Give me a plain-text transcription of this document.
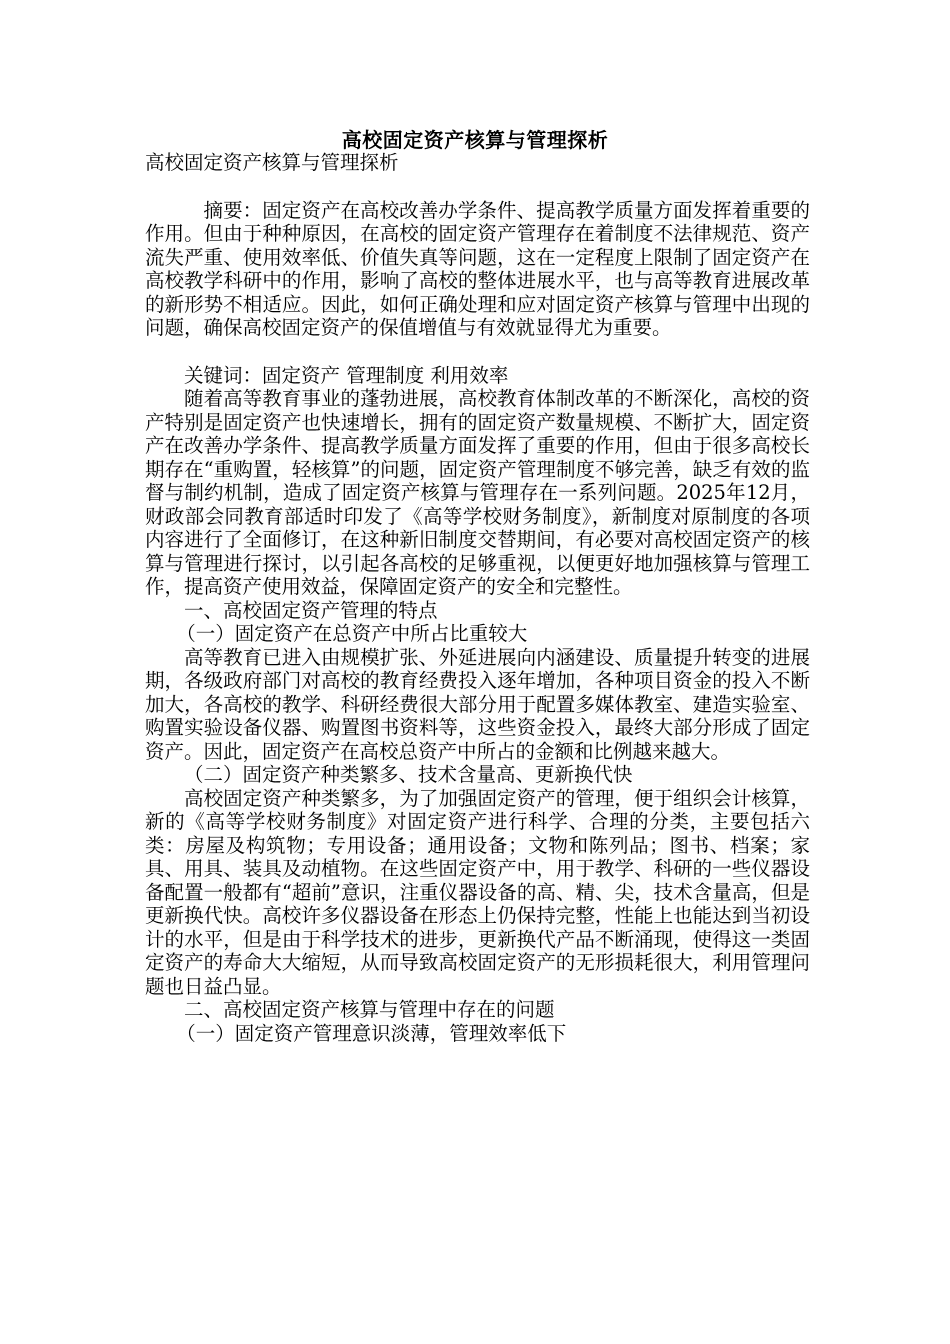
高校固定资产核算与管理探析

高校固定资产核算与管理探析

摘要：固定资产在高校改善办学条件、提高教学质量方面发挥着重要的作用。但由于种种原因，在高校的固定资产管理存在着制度不法律规范、资产流失严重、使用效率低、价值失真等问题，这在一定程度上限制了固定资产在高校教学科研中的作用，影响了高校的整体进展水平，也与高等教育进展改革的新形势不相适应。因此，如何正确处理和应对固定资产核算与管理中出现的问题，确保高校固定资产的保值增值与有效就显得尤为重要。

关键词：固定资产 管理制度 利用效率

随着高等教育事业的蓬勃进展，高校教育体制改革的不断深化，高校的资产特别是固定资产也快速增长，拥有的固定资产数量规模、不断扩大，固定资产在改善办学条件、提高教学质量方面发挥了重要的作用，但由于很多高校长期存在“重购置，轻核算”的问题，固定资产管理制度不够完善，缺乏有效的监督与制约机制，造成了固定资产核算与管理存在一系列问题。2025年12月，财政部会同教育部适时印发了《高等学校财务制度》，新制度对原制度的各项内容进行了全面修订，在这种新旧制度交替期间，有必要对高校固定资产的核算与管理进行探讨，以引起各高校的足够重视，以便更好地加强核算与管理工作，提高资产使用效益，保障固定资产的安全和完整性。

一、高校固定资产管理的特点

（一）固定资产在总资产中所占比重较大

高等教育已进入由规模扩张、外延进展向内涵建设、质量提升转变的进展期，各级政府部门对高校的教育经费投入逐年增加，各种项目资金的投入不断加大，各高校的教学、科研经费很大部分用于配置多媒体教室、建造实验室、购置实验设备仪器、购置图书资料等，这些资金投入，最终大部分形成了固定资产。因此，固定资产在高校总资产中所占的金额和比例越来越大。

（二）固定资产种类繁多、技术含量高、更新换代快

高校固定资产种类繁多，为了加强固定资产的管理，便于组织会计核算，新的《高等学校财务制度》对固定资产进行科学、合理的分类，主要包括六类：房屋及构筑物；专用设备；通用设备；文物和陈列品；图书、档案；家具、用具、装具及动植物。在这些固定资产中，用于教学、科研的一些仪器设备配置一般都有“超前”意识，注重仪器设备的高、精、尖，技术含量高，但是更新换代快。高校许多仪器设备在形态上仍保持完整，性能上也能达到当初设计的水平，但是由于科学技术的进步，更新换代产品不断涌现，使得这一类固定资产的寿命大大缩短，从而导致高校固定资产的无形损耗很大，利用管理问题也日益凸显。

二、高校固定资产核算与管理中存在的问题

（一）固定资产管理意识淡薄，管理效率低下
